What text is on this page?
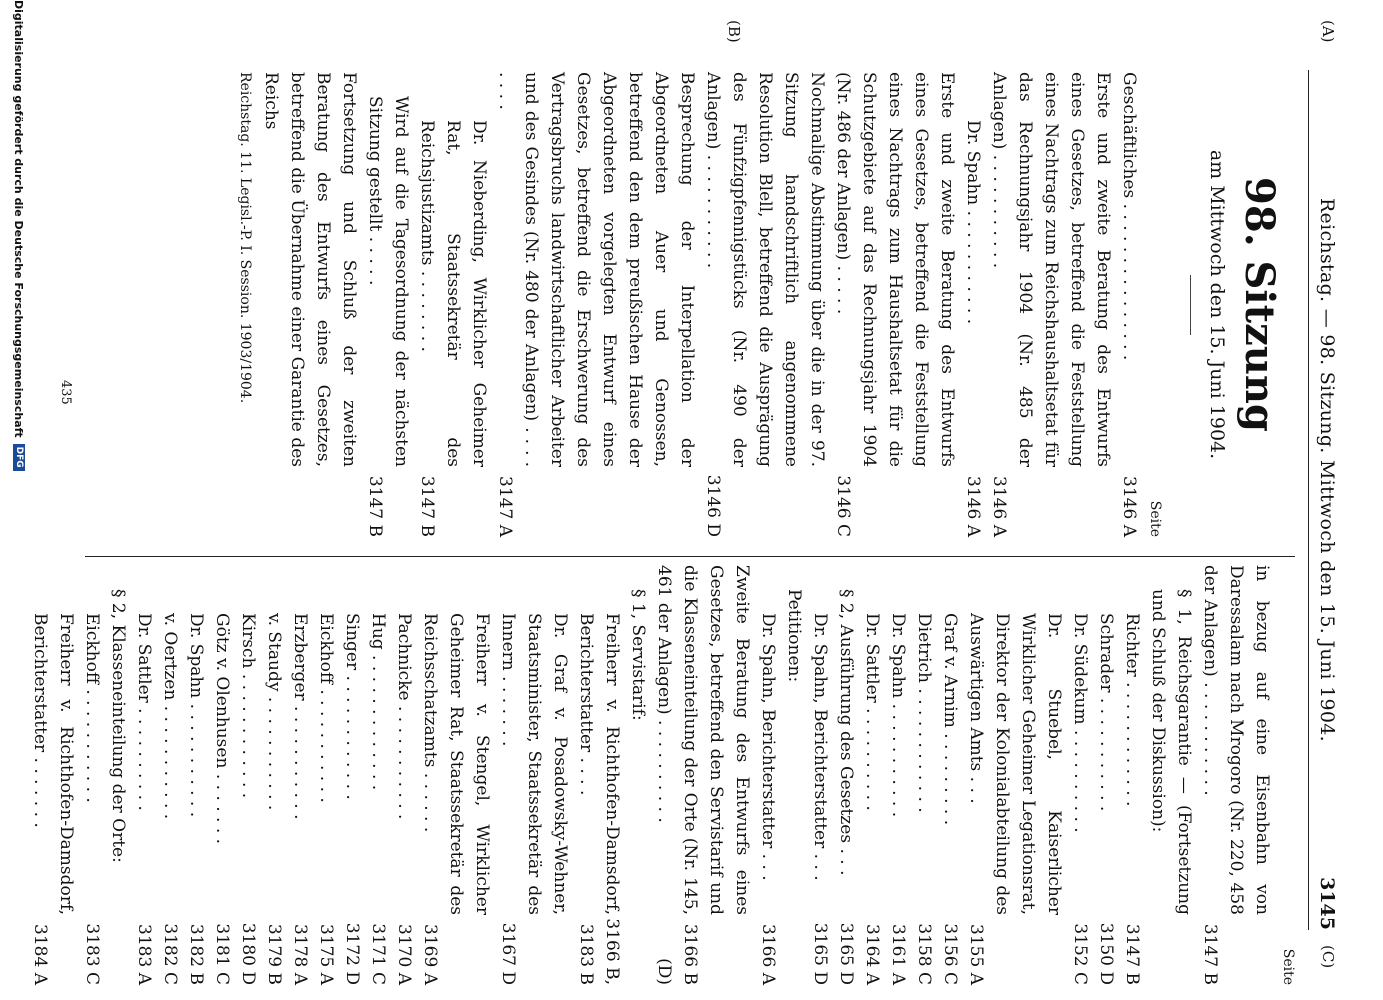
Reichstag. — 98. Sitzung. Mittwoch den 15. Juni 1904.
3145
(A)
(C)
(B)
98. Sitzung
am Mittwoch den 15. Juni 1904.
Seite
Geschäftliches . . . . . . . . . . . . . . .
3146 A
Erste und zweite Beratung des Entwurfs eines Gesetzes, betreffend die Feststellung eines Nachtrags zum Reichshaushaltsetat für das Rechnungsjahr 1904 (Nr. 485 der Anlagen) . . . . . . . . . . .
3146 A
Dr. Spahn . . . . . . . . . . .
3146 A
Erste und zweite Beratung des Entwurfs eines Gesetzes, betreffend die Feststellung eines Nachtrags zum Haushaltsetat für die Schutzgebiete auf das Rechnungsjahr 1904 (Nr. 486 der Anlagen) . . . . .
3146 C
Nochmalige Abstimmung über die in der 97. Sitzung handschriftlich angenommene Resolution Blell, betreffend die Ausprägung des Fünfzigpfennigstücks (Nr. 490 der Anlagen) . . . . . . . . . . .
3146 D
Besprechung der Interpellation der Abgeordneten Auer und Genossen, betreffend den dem preußischen Hause der Abgeordneten vorgelegten Entwurf eines Gesetzes, betreffend die Erschwerung des Vertragsbruchs landwirtschaftlicher Arbeiter und des Gesindes (Nr. 480 der Anlagen) . . . . . . . .
3147 A
Dr. Nieberding, Wirklicher Geheimer Rat, Staatssekretär des Reichsjustizamts . . . . . . . .
3147 B
Wird auf die Tagesordnung der nächsten Sitzung gestellt . . . . .
3147 B
Fortsetzung und Schluß der zweiten Beratung des Entwurfs eines Gesetzes, betreffend die Übernahme einer Garantie des Reichs
Reichstag. 11. Legisl.-P. I. Session. 1903/1904.
Seite
in bezug auf eine Eisenbahn von Daressalam nach Mrogoro (Nr. 220, 458 der Anlagen) . . . . . . . . . . .
3147 B
§ 1, Reichsgarantie — (Fortsetzung und Schluß der Diskussion):
Richter . . . . . . . . . . . .
3147 B
Schrader . . . . . . . . . . .
3150 D
Dr. Südekum . . . . . . . . . .
3152 C
Dr. Stuebel, Kaiserlicher Wirklicher Geheimer Legationsrat, Direktor der Kolonialabteilung des Auswärtigen Amts . . .
3155 A
Graf v. Arnim . . . . . . . . .
3156 C
Dietrich . . . . . . . . . . . .
3158 C
Dr. Spahn . . . . . . . . . . .
3161 A
Dr. Sattler . . . . . . . . . .
3164 A
§ 2, Ausführung des Gesetzes . . .
3165 D
Dr. Spahn, Berichterstatter . . .
3165 D
Petitionen:
Dr. Spahn, Berichterstatter . . .
3166 A
Zweite Beratung des Entwurfs eines Gesetzes, betreffend den Servistarif und die Klasseneinteilung der Orte (Nr. 145, 461 der Anlagen) . . . . . . . . . .
3166 B (D)
§ 1, Servistarif:
Freiherr v. Richthofen-Damsdorf, Berichterstatter . . . .
3166 B, 3183 B
Dr. Graf v. Posadowsky-Wehner, Staatsminister, Staatssekretär des Innern . . . . . . .
3167 D
Freiherr v. Stengel, Wirklicher Geheimer Rat, Staatssekretär des Reichsschatzamts . . . . . .
3169 A
Pachnicke . . . . . . . . . . .
3170 A
Hug . . . . . . . . . . . . .
3171 C
Singer . . . . . . . . . . . .
3172 D
Eickhoff . . . . . . . . . . .
3175 A
Erzberger . . . . . . . . . . .
3178 A
v. Staudy . . . . . . . . . . .
3179 B
Kirsch . . . . . . . . . . . .
3180 D
Götz v. Olenhusen . . . . . . .
3181 C
Dr. Spahn . . . . . . . . . . .
3182 B
v. Oertzen . . . . . . . . . . .
3182 C
Dr. Sattler . . . . . . . . . .
3183 A
§ 2, Klasseneinteilung der Orte:
Eickhoff . . . . . . . . . . .
3183 C
Freiherr v. Richthofen-Damsdorf, Berichterstatter . . . . . . .
3184 A
435
Digitalisierung gefördert durch die Deutsche Forschungsgemeinschaft
DFG
